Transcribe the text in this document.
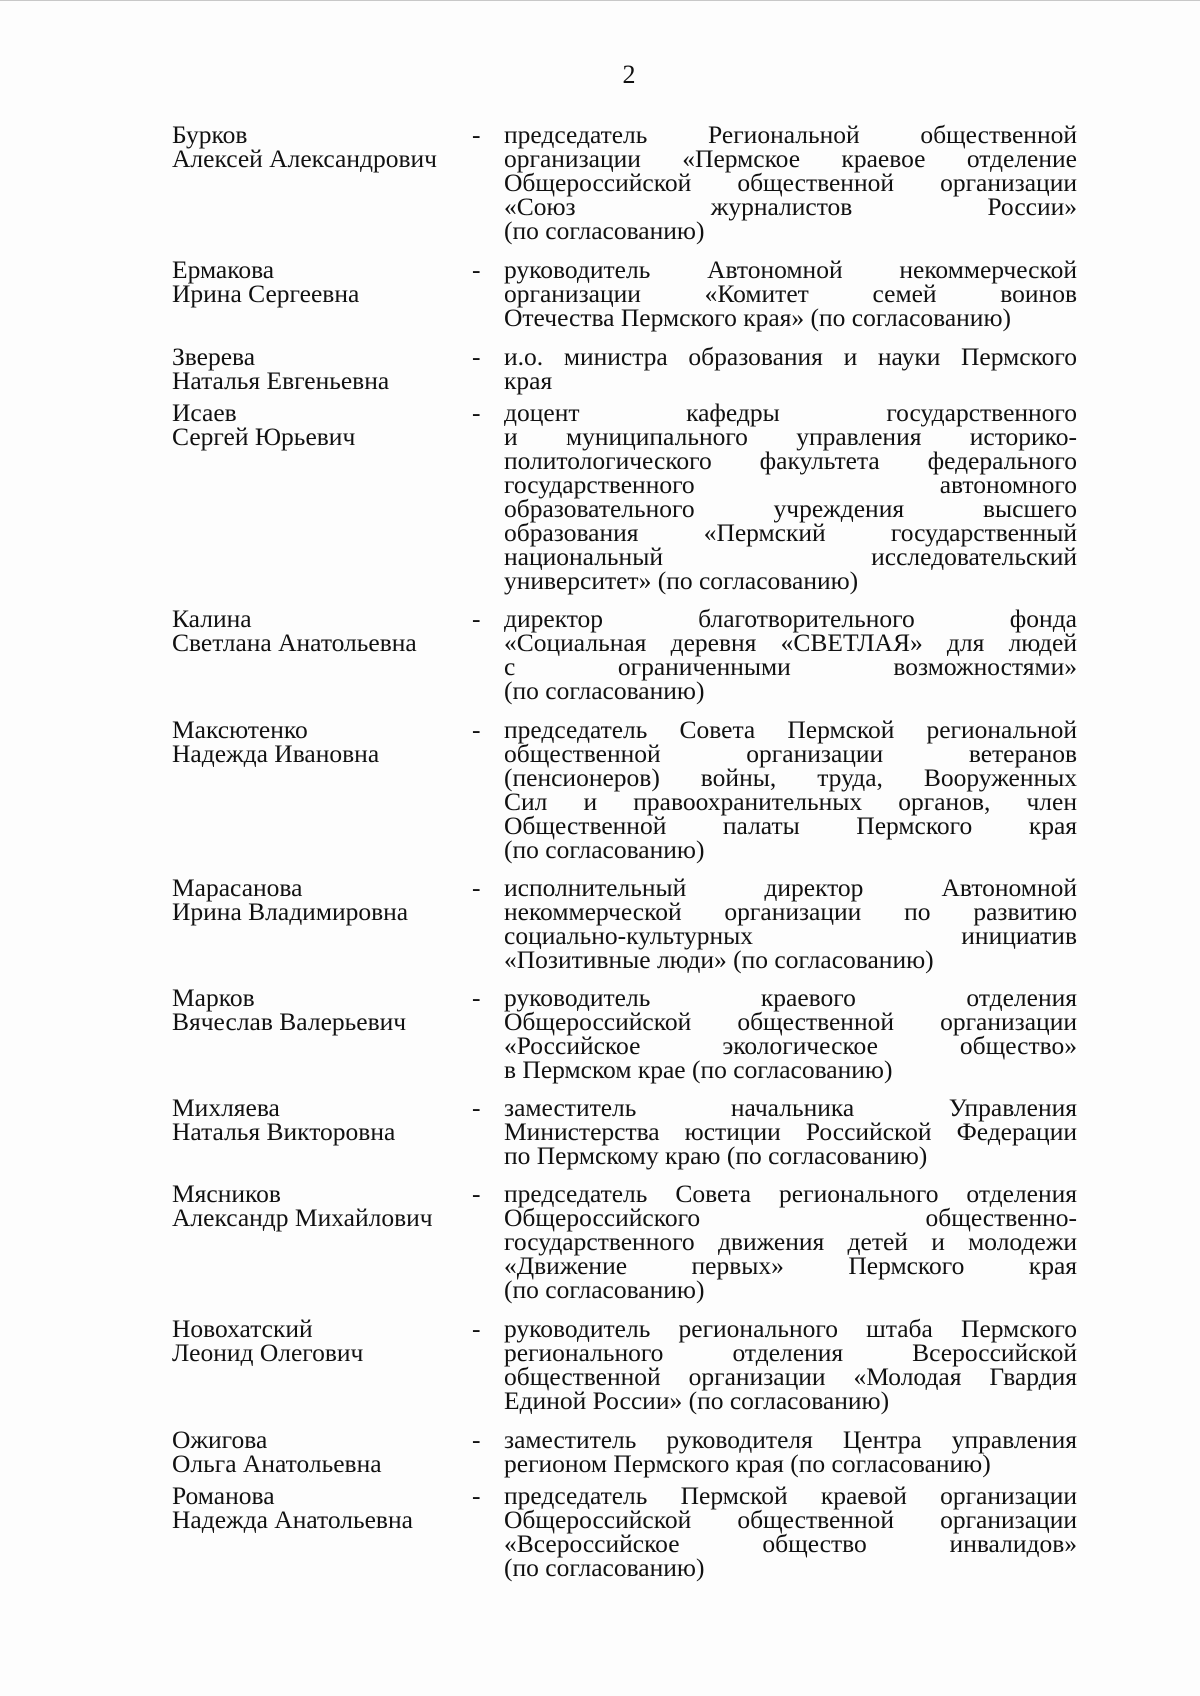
2
Бурков
Алексей Александрович
- председатель Региональной общественной
организации «Пермское краевое отделение
Общероссийской общественной организации
«Союз журналистов России»
(по согласованию)
Ермакова
Ирина Сергеевна
- руководитель Автономной некоммерческой
организации «Комитет семей воинов
Отечества Пермского края» (по согласованию)
Зверева
Наталья Евгеньевна
- и.о. министра образования и науки Пермского
края
Исаев
Сергей Юрьевич
- доцент кафедры государственного
и муниципального управления историко-
политологического факультета федерального
государственного автономного
образовательного учреждения высшего
образования «Пермский государственный
национальный исследовательский
университет» (по согласованию)
Калина
Светлана Анатольевна
- директор благотворительного фонда
«Социальная деревня «СВЕТЛАЯ» для людей
с ограниченными возможностями»
(по согласованию)
Максютенко
Надежда Ивановна
- председатель Совета Пермской региональной
общественной организации ветеранов
(пенсионеров) войны, труда, Вооруженных
Сил и правоохранительных органов, член
Общественной палаты Пермского края
(по согласованию)
Марасанова
Ирина Владимировна
- исполнительный директор Автономной
некоммерческой организации по развитию
социально-культурных инициатив
«Позитивные люди» (по согласованию)
Марков
Вячеслав Валерьевич
- руководитель краевого отделения
Общероссийской общественной организации
«Российское экологическое общество»
в Пермском крае (по согласованию)
Михляева
Наталья Викторовна
- заместитель начальника Управления
Министерства юстиции Российской Федерации
по Пермскому краю (по согласованию)
Мясников
Александр Михайлович
- председатель Совета регионального отделения
Общероссийского общественно-
государственного движения детей и молодежи
«Движение первых» Пермского края
(по согласованию)
Новохатский
Леонид Олегович
- руководитель регионального штаба Пермского
регионального отделения Всероссийской
общественной организации «Молодая Гвардия
Единой России» (по согласованию)
Ожигова
Ольга Анатольевна
- заместитель руководителя Центра управления
регионом Пермского края (по согласованию)
Романова
Надежда Анатольевна
- председатель Пермской краевой организации
Общероссийской общественной организации
«Всероссийское общество инвалидов»
(по согласованию)
